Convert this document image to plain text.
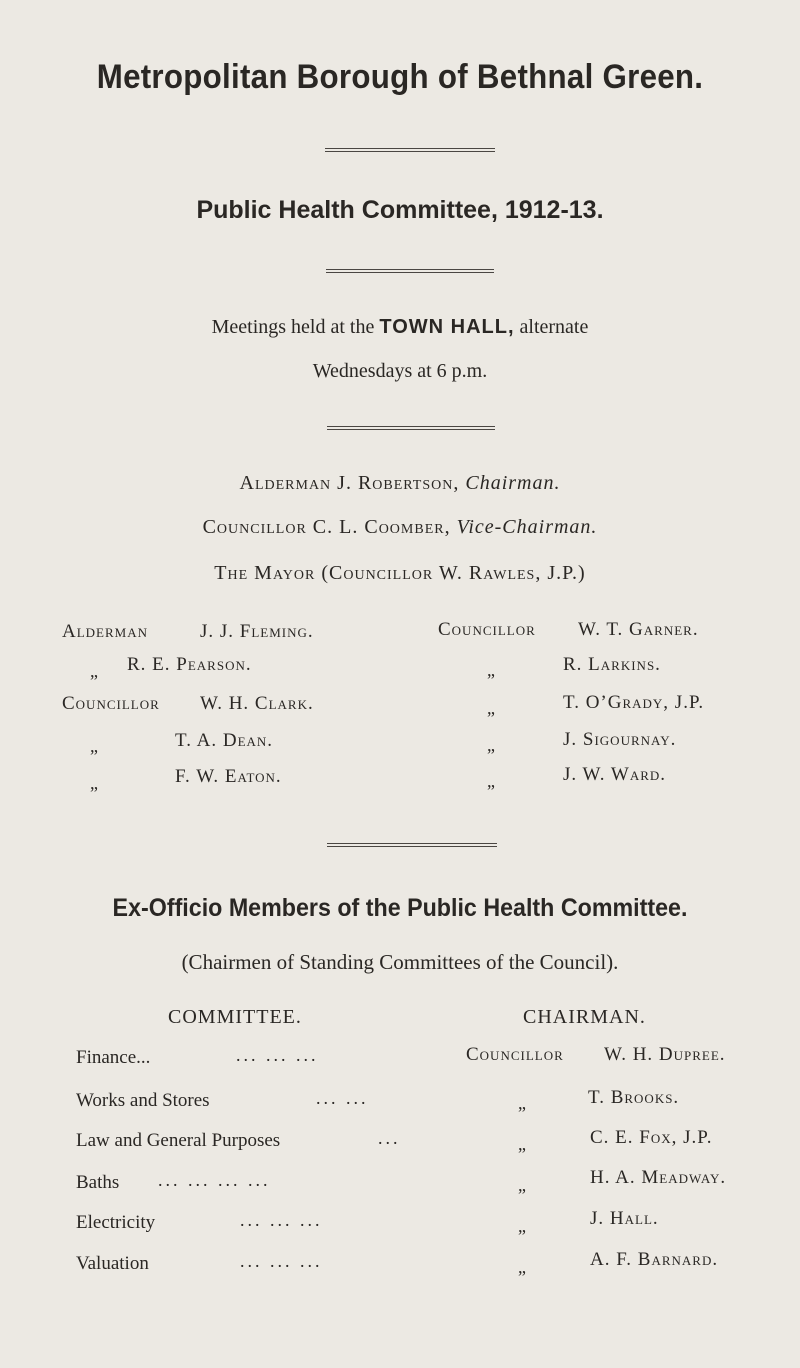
Metropolitan Borough of Bethnal Green.
Public Health Committee, 1912-13.
Meetings held at the TOWN HALL, alternate
Wednesdays at 6 p.m.
Alderman J. Robertson, Chairman.
Councillor C. L. Coomber, Vice-Chairman.
The Mayor (Councillor W. Rawles, J.P.)
Alderman	J. J. Fleming.
„ R. E. Pearson.
Councillor W. H. Clark.
„	T. A. Dean.
„	F. W. Eaton.
Councillor W. T. Garner.
„	R. Larkins.
„	T. O’Grady, J.P.
„	J. Sigournay.
„	J. W. Ward.
Ex-Officio Members of the Public Health Committee.
(Chairmen of Standing Committees of the Council).
COMMITTEE.	CHAIRMAN.
Finance...	... ... ...	Councillor W. H. Dupree.
Works and Stores	... ...	„	T. Brooks.
Law and General Purposes	...	„	C. E. Fox, J.P.
Baths ... ... ... ...	„	H. A. Meadway.
Electricity	... ... ...	„	J. Hall.
Valuation	... ... ...	„	A. F. Barnard.
